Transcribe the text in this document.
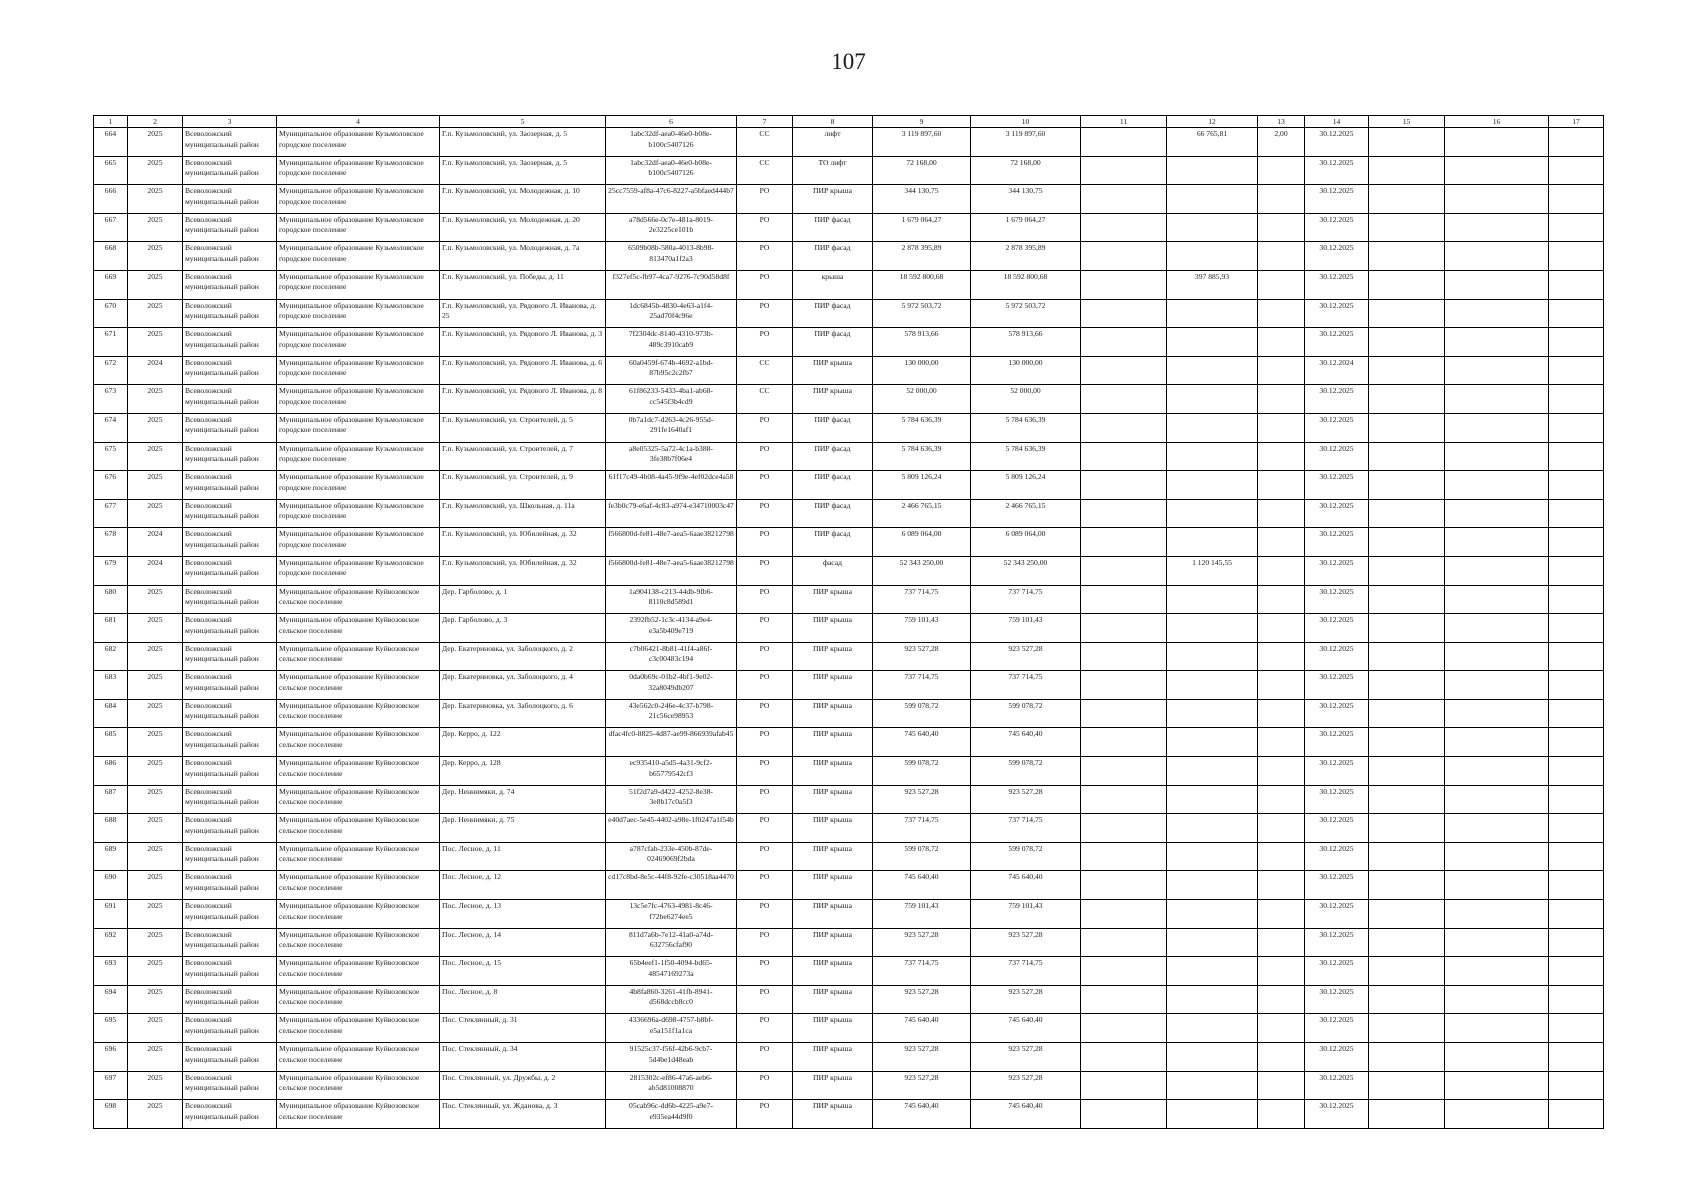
107
1	2	3	4	5	6	7	8	9	10	11	12	13	14	15	16	17
664	2025	Всеволожский муниципальный район	Муниципальное образование Кузьмоловское городское поселение	Г.п. Кузьмоловский, ул. Заозерная, д. 5	1abc32df-aea0-46e0-b08e-b100c5407126	СС	лифт	3 119 897,60	3 119 897,60		66 765,81	2,00	30.12.2025			
665	2025	Всеволожский муниципальный район	Муниципальное образование Кузьмоловское городское поселение	Г.п. Кузьмоловский, ул. Заозерная, д. 5	1abc32df-aea0-46e0-b08e-b100c5407126	СС	ТО лифт	72 168,00	72 168,00				30.12.2025			
666	2025	Всеволожский муниципальный район	Муниципальное образование Кузьмоловское городское поселение	Г.п. Кузьмоловский, ул. Молодежная, д. 10	25cc7559-af8a-47c6-8227-a5bfaed444b7	РО	ПИР крыша	344 130,75	344 130,75				30.12.2025			
667	2025	Всеволожский муниципальный район	Муниципальное образование Кузьмоловское городское поселение	Г.п. Кузьмоловский, ул. Молодежная, д. 20	a78d566e-0c7e-481a-8019-2e3225ce101b	РО	ПИР фасад	1 679 064,27	1 679 064,27				30.12.2025			
668	2025	Всеволожский муниципальный район	Муниципальное образование Кузьмоловское городское поселение	Г.п. Кузьмоловский, ул. Молодежная, д. 7а	6509b08b-580a-4013-8b98-813470a1f2a3	РО	ПИР фасад	2 878 395,89	2 878 395,89				30.12.2025			
669	2025	Всеволожский муниципальный район	Муниципальное образование Кузьмоловское городское поселение	Г.п. Кузьмоловский, ул. Победы, д. 11	f327ef5c-fb97-4ca7-9276-7c90d58d8f	РО	крыша	18 592 800,68	18 592 800,68		397 885,93		30.12.2025			
670	2025	Всеволожский муниципальный район	Муниципальное образование Кузьмоловское городское поселение	Г.п. Кузьмоловский, ул. Рядового Л. Иванова, д. 25	1dc6845b-4830-4e63-a1f4-25ad70f4c96e	РО	ПИР фасад	5 972 503,72	5 972 503,72				30.12.2025			
671	2025	Всеволожский муниципальный район	Муниципальное образование Кузьмоловское городское поселение	Г.п. Кузьмоловский, ул. Рядового Л. Иванова, д. 3	7f2304dc-8140-4310-973b-489c3910cab9	РО	ПИР фасад	578 913,66	578 913,66				30.12.2025			
672	2024	Всеволожский муниципальный район	Муниципальное образование Кузьмоловское городское поселение	Г.п. Кузьмоловский, ул. Рядового Л. Иванова, д. 6	60a0459f-674b-4692-a1bd-87b95c2c2fb7	СС	ПИР крыша	130 000,00	130 000,00				30.12.2024			
673	2025	Всеволожский муниципальный район	Муниципальное образование Кузьмоловское городское поселение	Г.п. Кузьмоловский, ул. Рядового Л. Иванова, д. 8	61f86233-5433-4ba1-ab68-cc545f3b4cd9	СС	ПИР крыша	52 000,00	52 000,00				30.12.2025			
674	2025	Всеволожский муниципальный район	Муниципальное образование Кузьмоловское городское поселение	Г.п. Кузьмоловский, ул. Строителей, д. 5	0b7a1dc7-d263-4c26-955d-291fe1640af1	РО	ПИР фасад	5 784 636,39	5 784 636,39				30.12.2025			
675	2025	Всеволожский муниципальный район	Муниципальное образование Кузьмоловское городское поселение	Г.п. Кузьмоловский, ул. Строителей, д. 7	a8e05325-5a72-4c1a-b388-3fe38b7f06e4	РО	ПИР фасад	5 784 636,39	5 784 636,39				30.12.2025			
676	2025	Всеволожский муниципальный район	Муниципальное образование Кузьмоловское городское поселение	Г.п. Кузьмоловский, ул. Строителей, д. 9	61f17c49-4b08-4a45-9f9e-4ef02dce4a58	РО	ПИР фасад	5 809 126,24	5 809 126,24				30.12.2025			
677	2025	Всеволожский муниципальный район	Муниципальное образование Кузьмоловское городское поселение	Г.п. Кузьмоловский, ул. Школьная, д. 11а	fe3b0c79-e6af-4c83-a974-e34710003c47	РО	ПИР фасад	2 466 765,15	2 466 765,15				30.12.2025			
678	2024	Всеволожский муниципальный район	Муниципальное образование Кузьмоловское городское поселение	Г.п. Кузьмоловский, ул. Юбилейная, д. 32	f566800d-fe81-48e7-aea5-6aae38212798	РО	ПИР фасад	6 089 064,00	6 089 064,00				30.12.2025			
679	2024	Всеволожский муниципальный район	Муниципальное образование Кузьмоловское городское поселение	Г.п. Кузьмоловский, ул. Юбилейная, д. 32	f566800d-fe81-48e7-aea5-6aae38212798	РО	фасад	52 343 250,00	52 343 250,00		1 120 145,55		30.12.2025			
680	2025	Всеволожский муниципальный район	Муниципальное образование Куйвозовское сельское поселение	Дер. Гарболово, д. 1	1a904138-c213-44db-9fb6-8110c8d589d1	РО	ПИР крыша	737 714,75	737 714,75				30.12.2025			
681	2025	Всеволожский муниципальный район	Муниципальное образование Куйвозовское сельское поселение	Дер. Гарболово, д. 3	2392fb52-1c3c-4134-a9e4-e3a5b409e719	РО	ПИР крыша	759 101,43	759 101,43				30.12.2025			
682	2025	Всеволожский муниципальный район	Муниципальное образование Куйвозовское сельское поселение	Дер. Екатериновка, ул. Заболоцкого, д. 2	c7b06421-8b81-41f4-a86f-c3c00483c194	РО	ПИР крыша	923 527,28	923 527,28				30.12.2025			
683	2025	Всеволожский муниципальный район	Муниципальное образование Куйвозовское сельское поселение	Дер. Екатериновка, ул. Заболоцкого, д. 4	0da0b69c-01b2-4bf1-9e02-32a8049db207	РО	ПИР крыша	737 714,75	737 714,75				30.12.2025			
684	2025	Всеволожский муниципальный район	Муниципальное образование Куйвозовское сельское поселение	Дер. Екатериновка, ул. Заболоцкого, д. 6	43e562c0-246e-4c37-b798-21c56ce98953	РО	ПИР крыша	599 078,72	599 078,72				30.12.2025			
685	2025	Всеволожский муниципальный район	Муниципальное образование Куйвозовское сельское поселение	Дер. Керро, д. 122	dfac4fc0-8825-4d87-ae99-866939afab45	РО	ПИР крыша	745 640,40	745 640,40				30.12.2025			
686	2025	Всеволожский муниципальный район	Муниципальное образование Куйвозовское сельское поселение	Дер. Керро, д. 128	ec935410-a5d5-4a31-9cf2-b65779542cf3	РО	ПИР крыша	599 078,72	599 078,72				30.12.2025			
687	2025	Всеволожский муниципальный район	Муниципальное образование Куйвозовское сельское поселение	Дер. Неннимяки, д. 74	51f2d7a9-d422-4252-8e38-3e8b17c0a5f3	РО	ПИР крыша	923 527,28	923 527,28				30.12.2025			
688	2025	Всеволожский муниципальный район	Муниципальное образование Куйвозовское сельское поселение	Дер. Неннимяки, д. 75	e40d7aec-5e45-4402-a98e-1f0247a1f54b	РО	ПИР крыша	737 714,75	737 714,75				30.12.2025			
689	2025	Всеволожский муниципальный район	Муниципальное образование Куйвозовское сельское поселение	Пос. Лесное, д. 11	a787cfab-233e-450b-87de-02469069f2bda	РО	ПИР крыша	599 078,72	599 078,72				30.12.2025			
690	2025	Всеволожский муниципальный район	Муниципальное образование Куйвозовское сельское поселение	Пос. Лесное, д. 12	cd17c8bd-8e5c-44f8-92fe-c30518aa4470	РО	ПИР крыша	745 640,40	745 640,40				30.12.2025			
691	2025	Всеволожский муниципальный район	Муниципальное образование Куйвозовское сельское поселение	Пос. Лесное, д. 13	13c5e7fc-4763-4981-8c46-f72be6274ee5	РО	ПИР крыша	759 101,43	759 101,43				30.12.2025			
692	2025	Всеволожский муниципальный район	Муниципальное образование Куйвозовское сельское поселение	Пос. Лесное, д. 14	811d7a6b-7e12-41a0-a74d-632756cfaf90	РО	ПИР крыша	923 527,28	923 527,28				30.12.2025			
693	2025	Всеволожский муниципальный район	Муниципальное образование Куйвозовское сельское поселение	Пос. Лесное, д. 15	65b4eef1-1f50-4094-bd65-48547169273a	РО	ПИР крыша	737 714,75	737 714,75				30.12.2025			
694	2025	Всеволожский муниципальный район	Муниципальное образование Куйвозовское сельское поселение	Пос. Лесное, д. 8	4b8fa860-3261-41fb-8941-d568dccb8cc0	РО	ПИР крыша	923 527,28	923 527,28				30.12.2025			
695	2025	Всеволожский муниципальный район	Муниципальное образование Куйвозовское сельское поселение	Пос. Стеклянный, д. 31	4336696a-d698-4757-b8bf-e5a151f1a1ca	РО	ПИР крыша	745 640,40	745 640,40				30.12.2025			
696	2025	Всеволожский муниципальный район	Муниципальное образование Куйвозовское сельское поселение	Пос. Стеклянный, д. 34	91525c37-f56f-42b6-9cb7-5d4be1d48eab	РО	ПИР крыша	923 527,28	923 527,28				30.12.2025			
697	2025	Всеволожский муниципальный район	Муниципальное образование Куйвозовское сельское поселение	Пос. Стеклянный, ул. Дружбы, д. 2	2815302c-ef86-47a6-aeb6-ab5d81008870	РО	ПИР крыша	923 527,28	923 527,28				30.12.2025			
698	2025	Всеволожский муниципальный район	Муниципальное образование Куйвозовское сельское поселение	Пос. Стеклянный, ул. Жданова, д. 3	05cab96c-dd6b-4225-a9e7-e935ea44d9f0	РО	ПИР крыша	745 640,40	745 640,40				30.12.2025			
